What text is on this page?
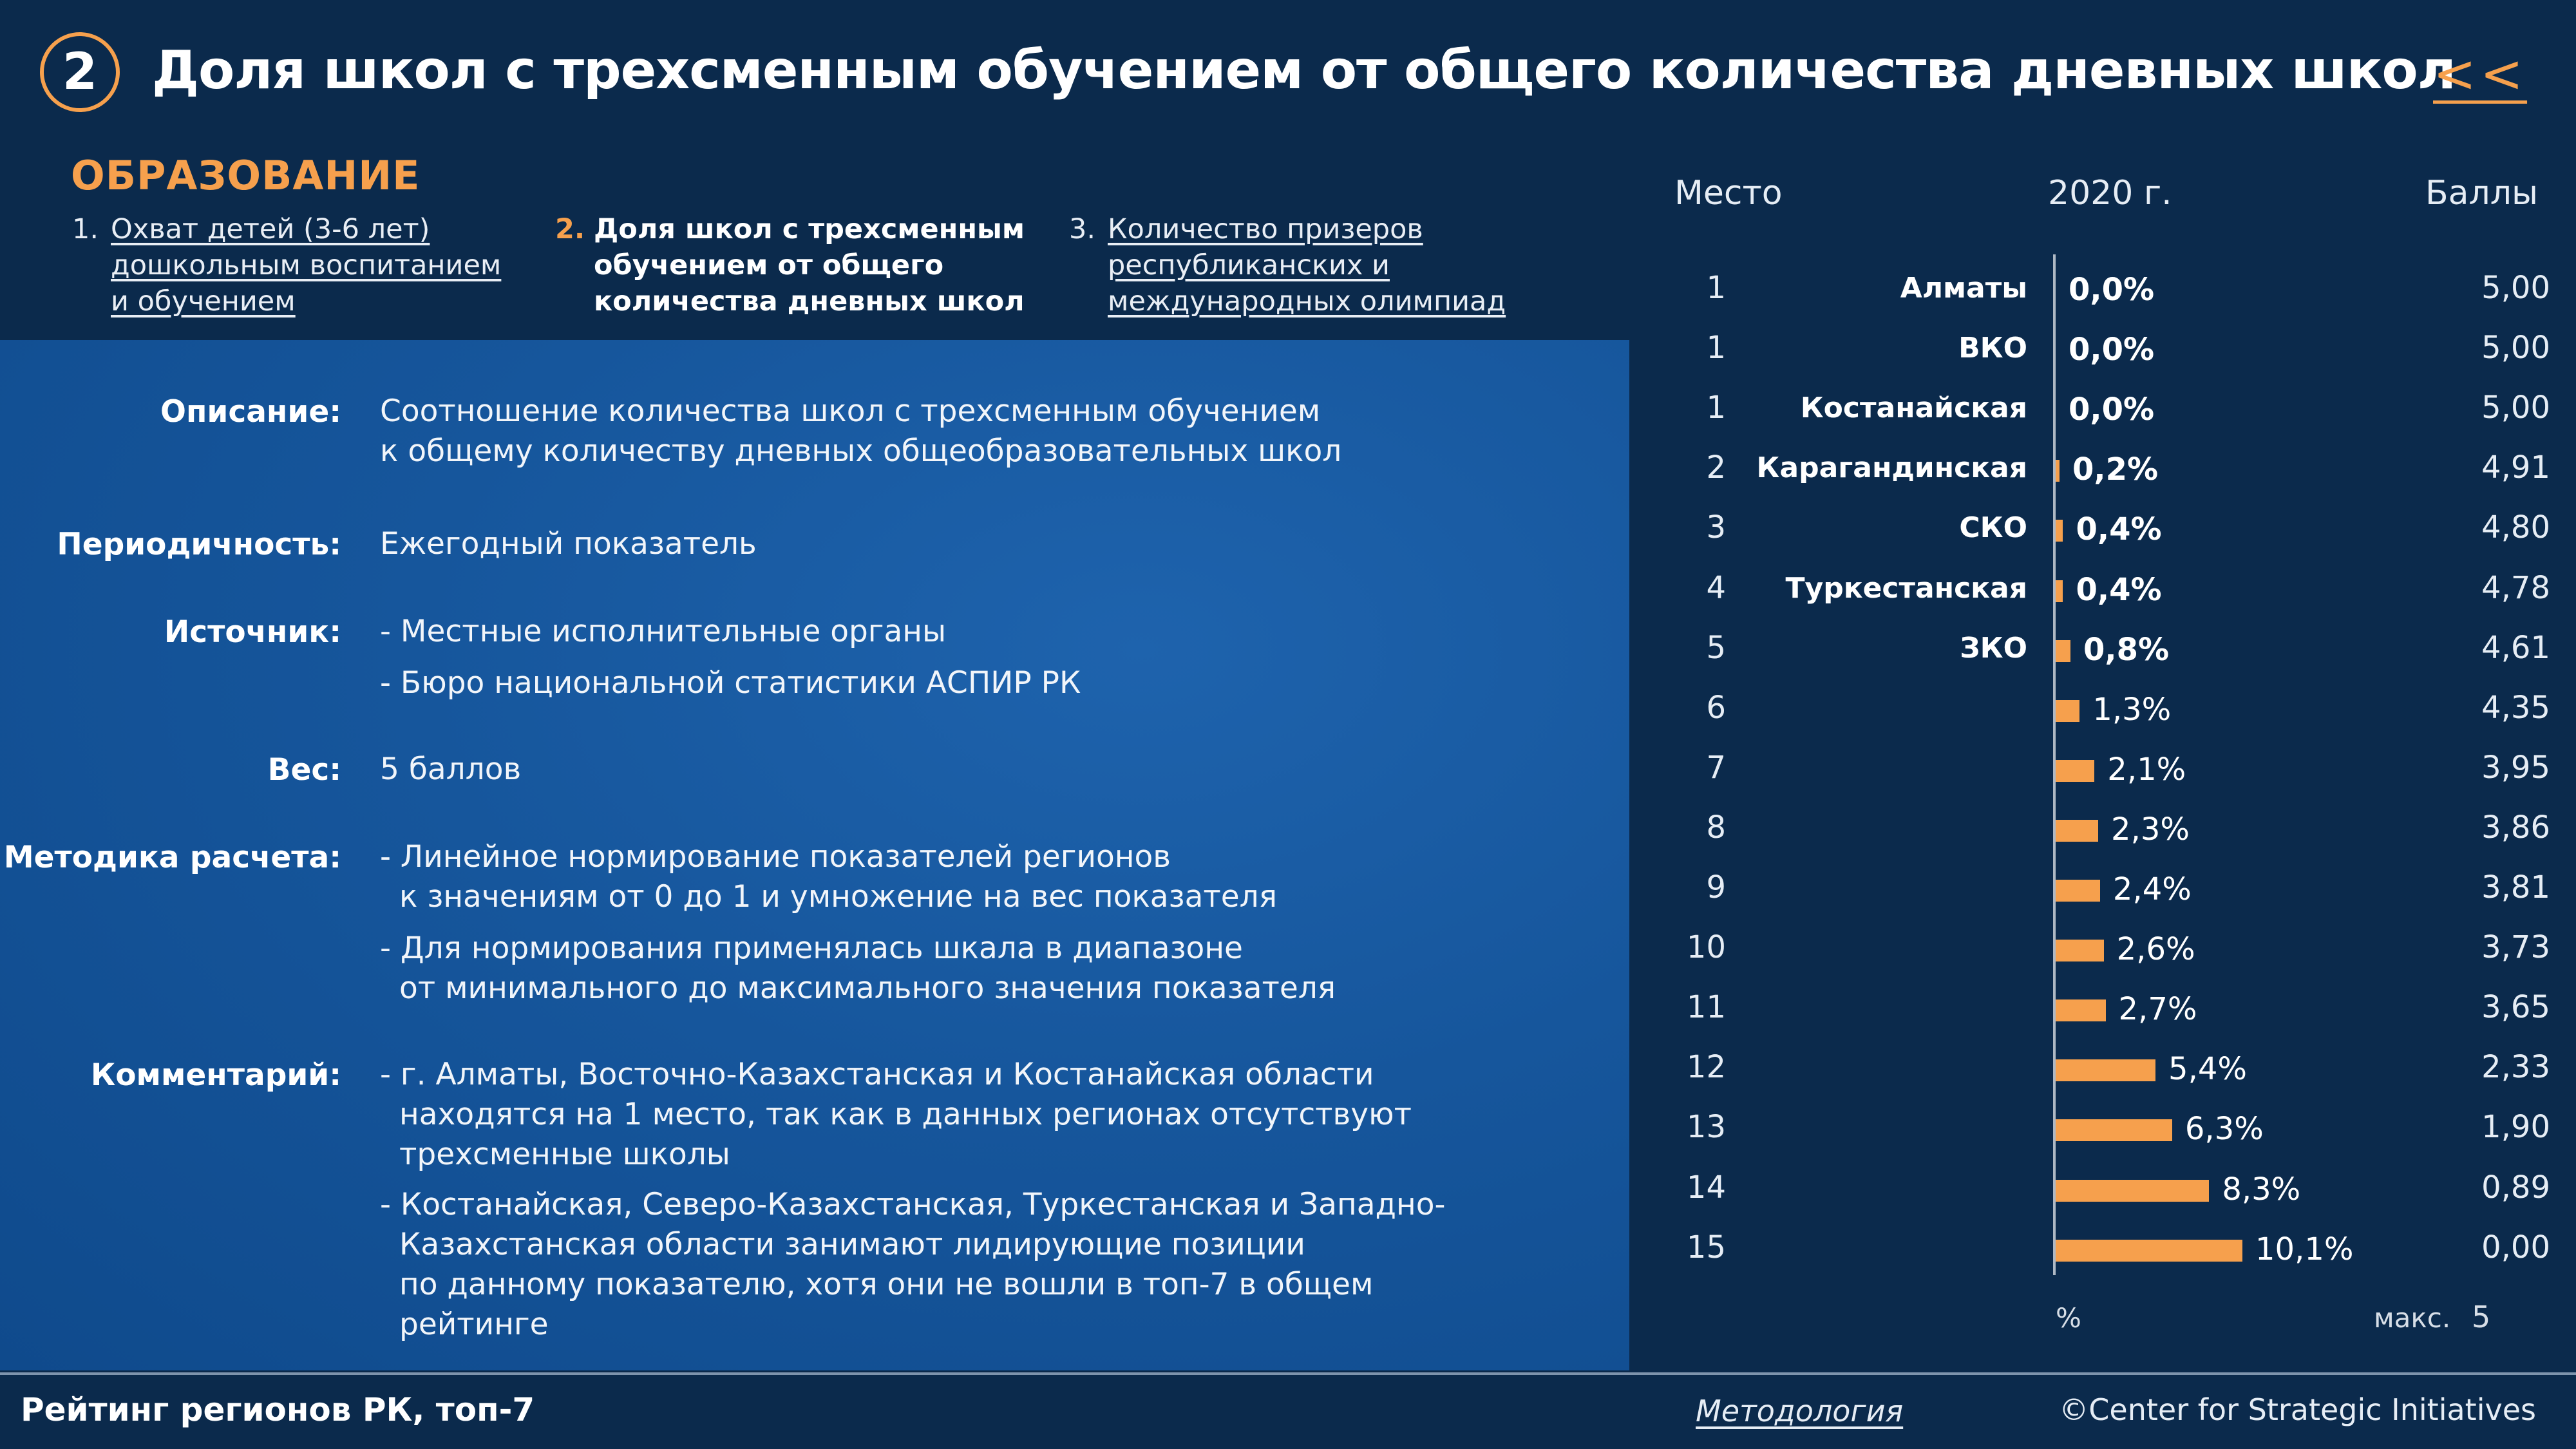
2 Доля школ с трехсменным обучением от общего количества дневных школ
<<
ОБРАЗОВАНИЕ
1. Охват детей (3-6 лет)
дошкольным воспитанием
и обучением
2. Доля школ с трехсменным
обучением от общего
количества дневных школ
3. Количество призеров
республиканских и
международных олимпиад
Описание: Соотношение количества школ с трехсменным обучением
к общему количеству дневных общеобразовательных школ
Периодичность: Ежегодный показатель
Источник: - Местные исполнительные органы
- Бюро национальной статистики АСПИР РК
Вес: 5 баллов
Методика расчета: - Линейное нормирование показателей регионов
к значениям от 0 до 1 и умножение на вес показателя
- Для нормирования применялась шкала в диапазоне
от минимального до максимального значения показателя
Комментарий: - г. Алматы, Восточно-Казахстанская и Костанайская области
находятся на 1 место, так как в данных регионах отсутствуют
трехсменные школы
- Костанайская, Северо-Казахстанская, Туркестанская и Западно-
Казахстанская области занимают лидирующие позиции
по данному показателю, хотя они не вошли в топ-7 в общем
рейтинге
Место	2020 г.	Баллы
1	Алматы 0,0%	5,00
1	ВКО 0,0%	5,00
1	Костанайская 0,0%	5,00
2 Карагандинская 0,2%	4,91
3	СКО 0,4%	4,80
4 Туркестанская 0,4%	4,78
5	ЗКО 0,8%	4,61
6	1,3%	4,35
7	2,1%	3,95
8	2,3%	3,86
9	2,4%	3,81
10	2,6%	3,73
11	2,7%	3,65
12	5,4%	2,33
13	6,3%	1,90
14	8,3%	0,89
15	10,1%	0,00
%	макс. 5
Рейтинг регионов РК, топ-7	Методология	©Center for Strategic Initiatives
